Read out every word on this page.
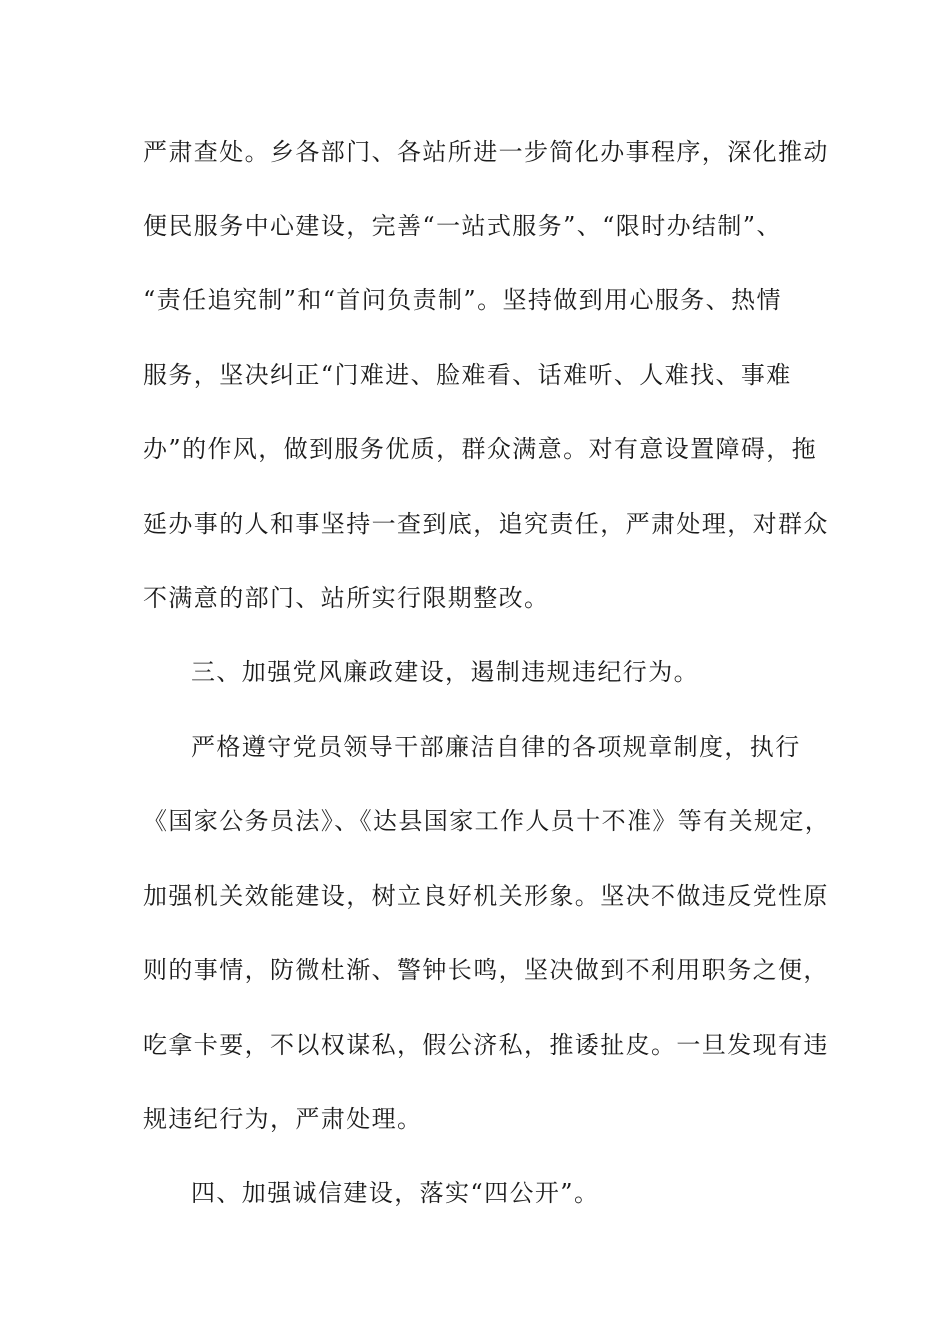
严肃查处。乡各部门、各站所进一步简化办事程序，深化推动
便民服务中心建设，完善“一站式服务”、“限时办结制”、
“责任追究制”和“首问负责制”。坚持做到用心服务、热情
服务，坚决纠正“门难进、脸难看、话难听、人难找、事难
办”的作风，做到服务优质，群众满意。对有意设置障碍，拖
延办事的人和事坚持一查到底，追究责任，严肃处理，对群众
不满意的部门、站所实行限期整改。
三、加强党风廉政建设，遏制违规违纪行为。
严格遵守党员领导干部廉洁自律的各项规章制度，执行
《国家公务员法》、《达县国家工作人员十不准》等有关规定，
加强机关效能建设，树立良好机关形象。坚决不做违反党性原
则的事情，防微杜渐、警钟长鸣，坚决做到不利用职务之便，
吃拿卡要，不以权谋私，假公济私，推诿扯皮。一旦发现有违
规违纪行为，严肃处理。
四、加强诚信建设，落实“四公开”。
